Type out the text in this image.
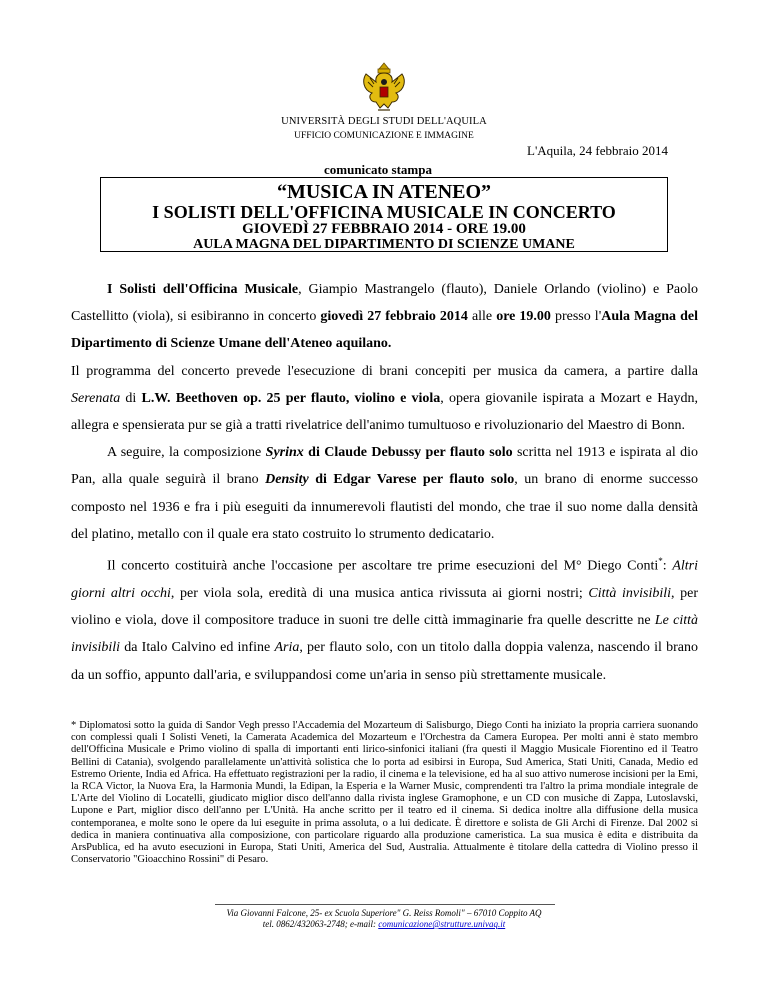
UNIVERSITÀ DEGLI STUDI DELL'AQUILA
UFFICIO COMUNICAZIONE E IMMAGINE
L'Aquila, 24 febbraio 2014
comunicato stampa
“MUSICA IN ATENEO”
I SOLISTI DELL'OFFICINA MUSICALE IN CONCERTO
GIOVEDÌ 27 FEBBRAIO 2014 - ORE 19.00
AULA MAGNA DEL DIPARTIMENTO DI SCIENZE UMANE

I Solisti dell'Officina Musicale, Giampio Mastrangelo (flauto), Daniele Orlando (violino) e Paolo Castellitto (viola), si esibiranno in concerto giovedì 27 febbraio 2014 alle ore 19.00 presso l'Aula Magna del Dipartimento di Scienze Umane dell'Ateneo aquilano.

Il programma del concerto prevede l'esecuzione di brani concepiti per musica da camera, a partire dalla Serenata di L.W. Beethoven op. 25 per flauto, violino e viola, opera giovanile ispirata a Mozart e Haydn, allegra e spensierata pur se già a tratti rivelatrice dell'animo tumultuoso e rivoluzionario del Maestro di Bonn.

A seguire, la composizione Syrinx di Claude Debussy per flauto solo scritta nel 1913 e ispirata al dio Pan, alla quale seguirà il brano Density di Edgar Varese per flauto solo, un brano di enorme successo composto nel 1936 e fra i più eseguiti da innumerevoli flautisti del mondo, che trae il suo nome dalla densità del platino, metallo con il quale era stato costruito lo strumento dedicatario.

Il concerto costituirà anche l'occasione per ascoltare tre prime esecuzioni del M° Diego Conti*: Altri giorni altri occhi, per viola sola, eredità di una musica antica rivissuta ai giorni nostri; Città invisibili, per violino e viola, dove il compositore traduce in suoni tre delle città immaginarie fra quelle descritte ne Le città invisibili da Italo Calvino ed infine Aria, per flauto solo, con un titolo dalla doppia valenza, nascendo il brano da un soffio, appunto dall'aria, e sviluppandosi come un'aria in senso più strettamente musicale.

* Diplomatosi sotto la guida di Sandor Vegh presso l'Accademia del Mozarteum di Salisburgo, Diego Conti ha iniziato la propria carriera suonando con complessi quali I Solisti Veneti, la Camerata Academica del Mozarteum e l'Orchestra da Camera Europea. Per molti anni è stato membro dell'Officina Musicale e Primo violino di spalla di importanti enti lirico-sinfonici italiani (fra questi il Maggio Musicale Fiorentino ed il Teatro Bellini di Catania), svolgendo parallelamente un'attività solistica che lo porta ad esibirsi in Europa, Sud America, Stati Uniti, Canada, Medio ed Estremo Oriente, India ed Africa. Ha effettuato registrazioni per la radio, il cinema e la televisione, ed ha al suo attivo numerose incisioni per la Emi, la RCA Victor, la Nuova Era, la Harmonia Mundi, la Edipan, la Esperia e la Warner Music, comprendenti tra l'altro la prima mondiale integrale de L'Arte del Violino di Locatelli, giudicato miglior disco dell'anno dalla rivista inglese Gramophone, e un CD con musiche di Zappa, Lutoslavski, Lupone e Part, miglior disco dell'anno per L'Unità. Ha anche scritto per il teatro ed il cinema. Si dedica inoltre alla diffusione della musica contemporanea, e molte sono le opere da lui eseguite in prima assoluta, o a lui dedicate. È direttore e solista de Gli Archi di Firenze. Dal 2002 si dedica in maniera continuativa alla composizione, con particolare riguardo alla produzione cameristica. La sua musica è edita e distribuita da ArsPublica, ed ha avuto esecuzioni in Europa, Stati Uniti, America del Sud, Australia. Attualmente è titolare della cattedra di Violino presso il Conservatorio "Gioacchino Rossini" di Pesaro.
Via Giovanni Falcone, 25- ex Scuola Superiore" G. Reiss Romoli" – 67010 Coppito AQ
tel. 0862/432063-2748; e-mail: comunicazione@strutture.univaq.it
